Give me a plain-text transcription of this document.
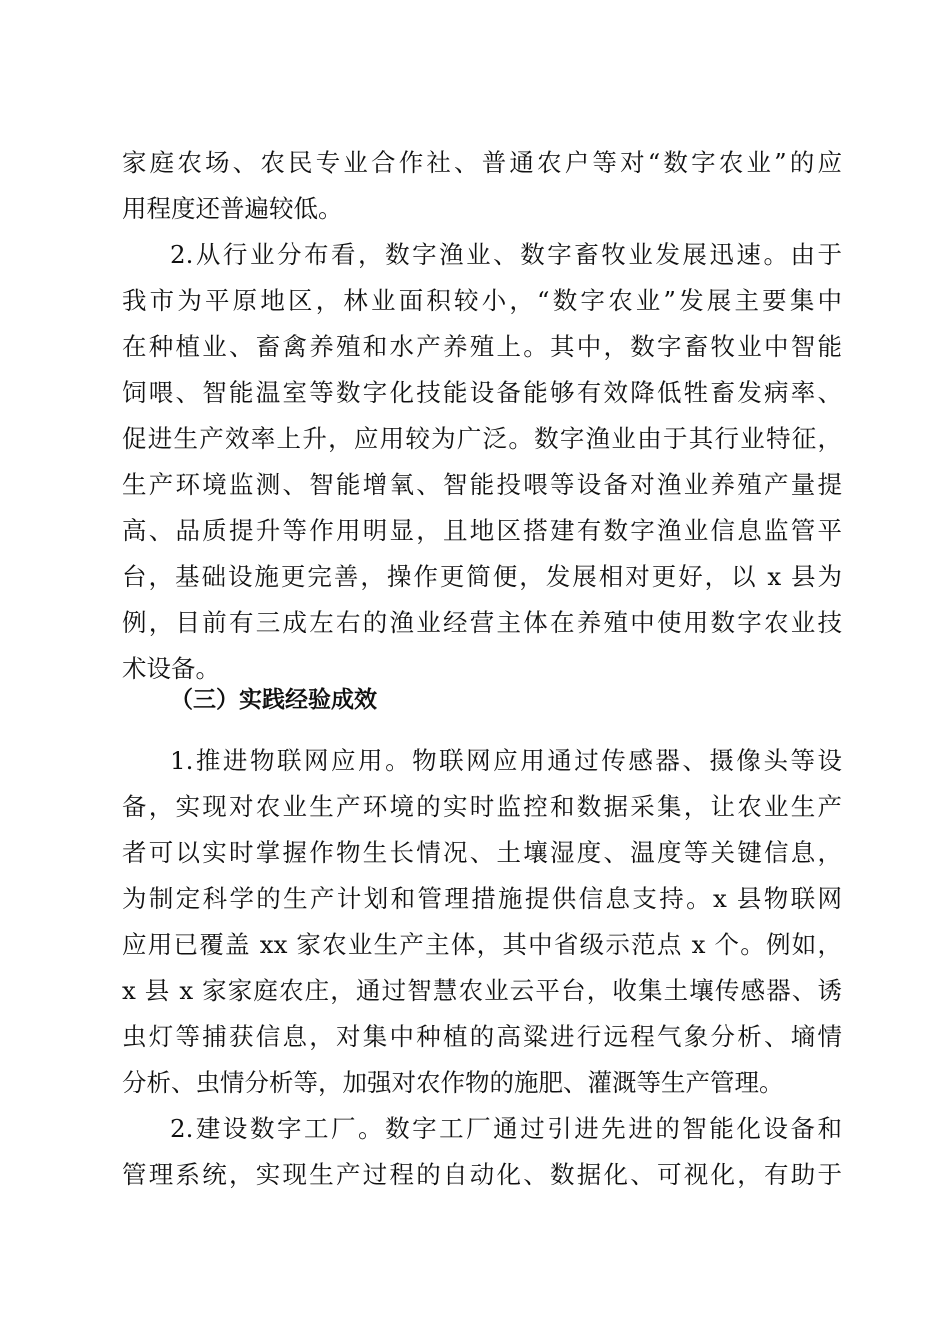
家庭农场、农民专业合作社、普通农户等对“数字农业”的应
用程度还普遍较低。
2.从行业分布看，数字渔业、数字畜牧业发展迅速。由于
我市为平原地区，林业面积较小，“数字农业”发展主要集中
在种植业、畜禽养殖和水产养殖上。其中，数字畜牧业中智能
饲喂、智能温室等数字化技能设备能够有效降低牲畜发病率、
促进生产效率上升，应用较为广泛。数字渔业由于其行业特征，
生产环境监测、智能增氧、智能投喂等设备对渔业养殖产量提
高、品质提升等作用明显，且地区搭建有数字渔业信息监管平
台，基础设施更完善，操作更简便，发展相对更好，以 x 县为
例，目前有三成左右的渔业经营主体在养殖中使用数字农业技
术设备。
（三）实践经验成效
1.推进物联网应用。物联网应用通过传感器、摄像头等设
备，实现对农业生产环境的实时监控和数据采集，让农业生产
者可以实时掌握作物生长情况、土壤湿度、温度等关键信息，
为制定科学的生产计划和管理措施提供信息支持。x 县物联网
应用已覆盖 xx 家农业生产主体，其中省级示范点 x 个。例如，
x 县 x 家家庭农庄，通过智慧农业云平台，收集土壤传感器、诱
虫灯等捕获信息，对集中种植的高粱进行远程气象分析、墒情
分析、虫情分析等，加强对农作物的施肥、灌溉等生产管理。
2.建设数字工厂。数字工厂通过引进先进的智能化设备和
管理系统，实现生产过程的自动化、数据化、可视化，有助于
